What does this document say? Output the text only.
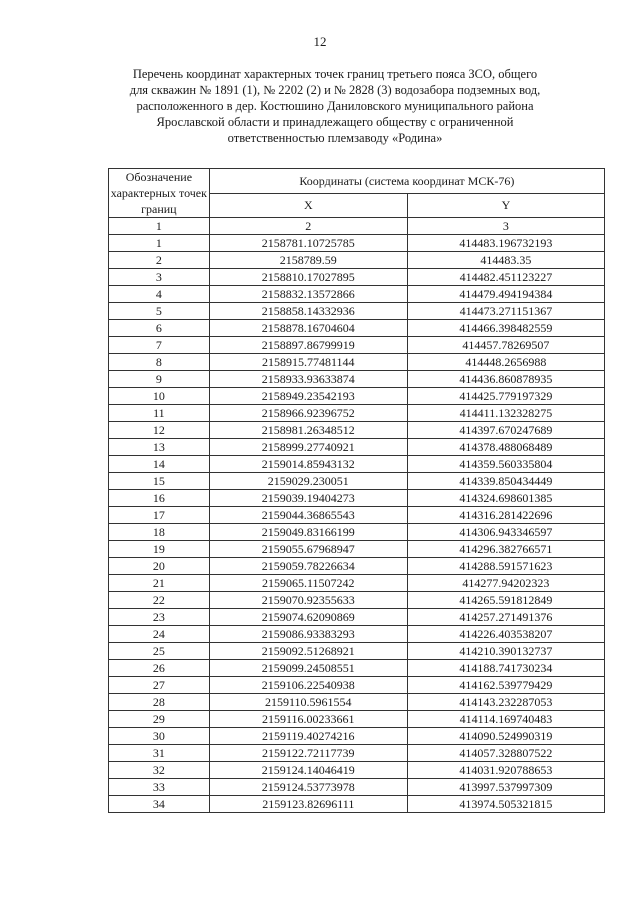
12
Перечень координат характерных точек границ третьего пояса ЗСО, общего
для скважин № 1891 (1), № 2202 (2) и № 2828 (3) водозабора подземных вод,
расположенного в дер. Костюшино Даниловского муниципального района
Ярославской области и принадлежащего обществу с ограниченной
ответственностью племзаводу «Родина»
Обозначение характерных точек границ	Координаты (система координат МСК-76)	
	X	Y
1	2	3
1	2158781.10725785	414483.196732193
2	2158789.59	414483.35
3	2158810.17027895	414482.451123227
4	2158832.13572866	414479.494194384
5	2158858.14332936	414473.271151367
6	2158878.16704604	414466.398482559
7	2158897.86799919	414457.78269507
8	2158915.77481144	414448.2656988
9	2158933.93633874	414436.860878935
10	2158949.23542193	414425.779197329
11	2158966.92396752	414411.132328275
12	2158981.26348512	414397.670247689
13	2158999.27740921	414378.488068489
14	2159014.85943132	414359.560335804
15	2159029.230051	414339.850434449
16	2159039.19404273	414324.698601385
17	2159044.36865543	414316.281422696
18	2159049.83166199	414306.943346597
19	2159055.67968947	414296.382766571
20	2159059.78226634	414288.591571623
21	2159065.11507242	414277.94202323
22	2159070.92355633	414265.591812849
23	2159074.62090869	414257.271491376
24	2159086.93383293	414226.403538207
25	2159092.51268921	414210.390132737
26	2159099.24508551	414188.741730234
27	2159106.22540938	414162.539779429
28	2159110.5961554	414143.232287053
29	2159116.00233661	414114.169740483
30	2159119.40274216	414090.524990319
31	2159122.72117739	414057.328807522
32	2159124.14046419	414031.920788653
33	2159124.53773978	413997.537997309
34	2159123.82696111	413974.505321815
